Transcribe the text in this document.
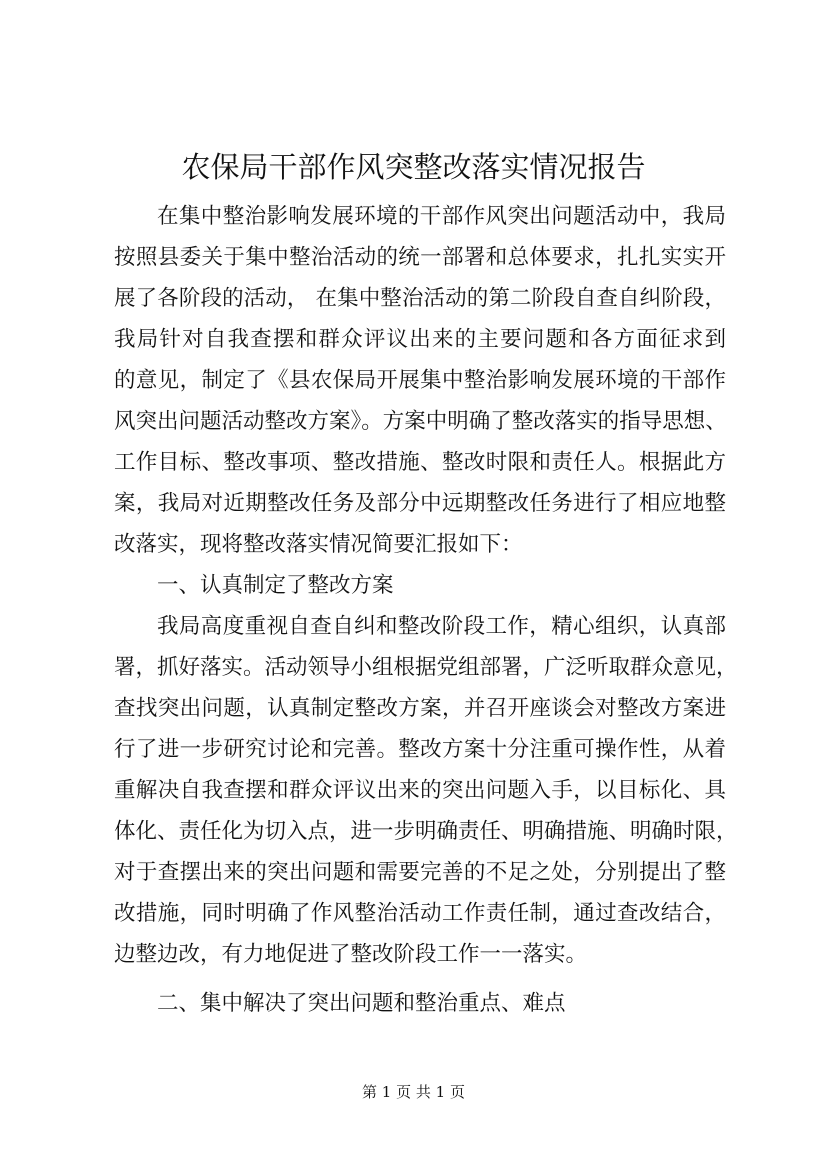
农保局干部作风突整改落实情况报告
在集中整治影响发展环境的干部作风突出问题活动中，我局
按照县委关于集中整治活动的统一部署和总体要求，扎扎实实开
展了各阶段的活动， 在集中整治活动的第二阶段自查自纠阶段，
我局针对自我查摆和群众评议出来的主要问题和各方面征求到
的意见，制定了《县农保局开展集中整治影响发展环境的干部作
风突出问题活动整改方案》。方案中明确了整改落实的指导思想、
工作目标、整改事项、整改措施、整改时限和责任人。根据此方
案，我局对近期整改任务及部分中远期整改任务进行了相应地整
改落实，现将整改落实情况简要汇报如下：
一、认真制定了整改方案
我局高度重视自查自纠和整改阶段工作，精心组织，认真部
署，抓好落实。活动领导小组根据党组部署，广泛听取群众意见，
查找突出问题，认真制定整改方案，并召开座谈会对整改方案进
行了进一步研究讨论和完善。整改方案十分注重可操作性，从着
重解决自我查摆和群众评议出来的突出问题入手，以目标化、具
体化、责任化为切入点，进一步明确责任、明确措施、明确时限，
对于查摆出来的突出问题和需要完善的不足之处，分别提出了整
改措施，同时明确了作风整治活动工作责任制，通过查改结合，
边整边改，有力地促进了整改阶段工作一一落实。
二、集中解决了突出问题和整治重点、难点
第 1 页 共 1 页
